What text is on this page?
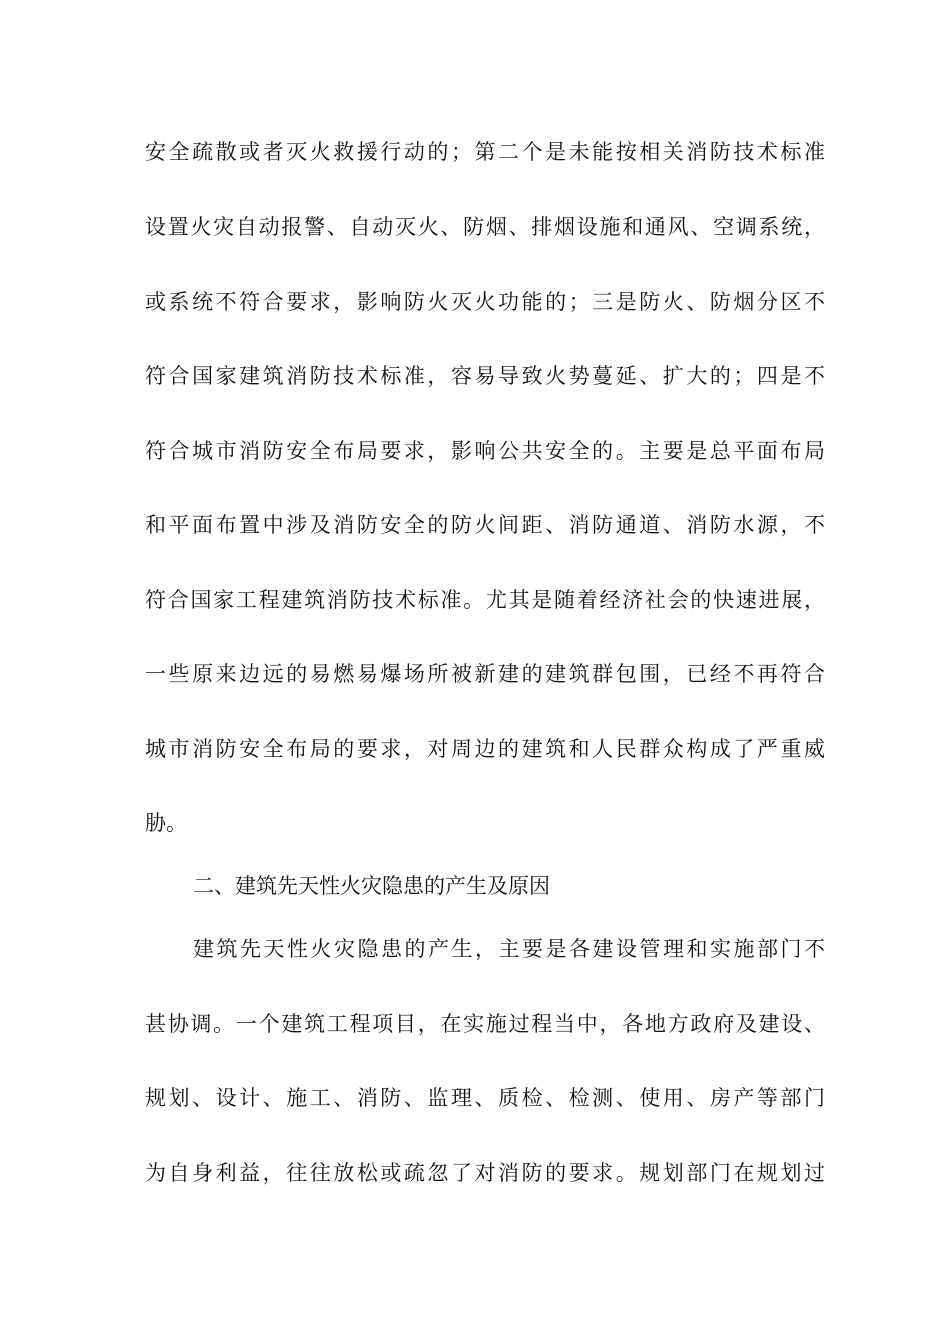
安全疏散或者灭火救援行动的；第二个是未能按相关消防技术标准
设置火灾自动报警、自动灭火、防烟、排烟设施和通风、空调系统，
或系统不符合要求，影响防火灭火功能的；三是防火、防烟分区不
符合国家建筑消防技术标准，容易导致火势蔓延、扩大的；四是不
符合城市消防安全布局要求，影响公共安全的。主要是总平面布局
和平面布置中涉及消防安全的防火间距、消防通道、消防水源，不
符合国家工程建筑消防技术标准。尤其是随着经济社会的快速进展，
一些原来边远的易燃易爆场所被新建的建筑群包围，已经不再符合
城市消防安全布局的要求，对周边的建筑和人民群众构成了严重威
胁。
二、建筑先天性火灾隐患的产生及原因
建筑先天性火灾隐患的产生，主要是各建设管理和实施部门不
甚协调。一个建筑工程项目，在实施过程当中，各地方政府及建设、
规划、设计、施工、消防、监理、质检、检测、使用、房产等部门
为自身利益，往往放松或疏忽了对消防的要求。规划部门在规划过
